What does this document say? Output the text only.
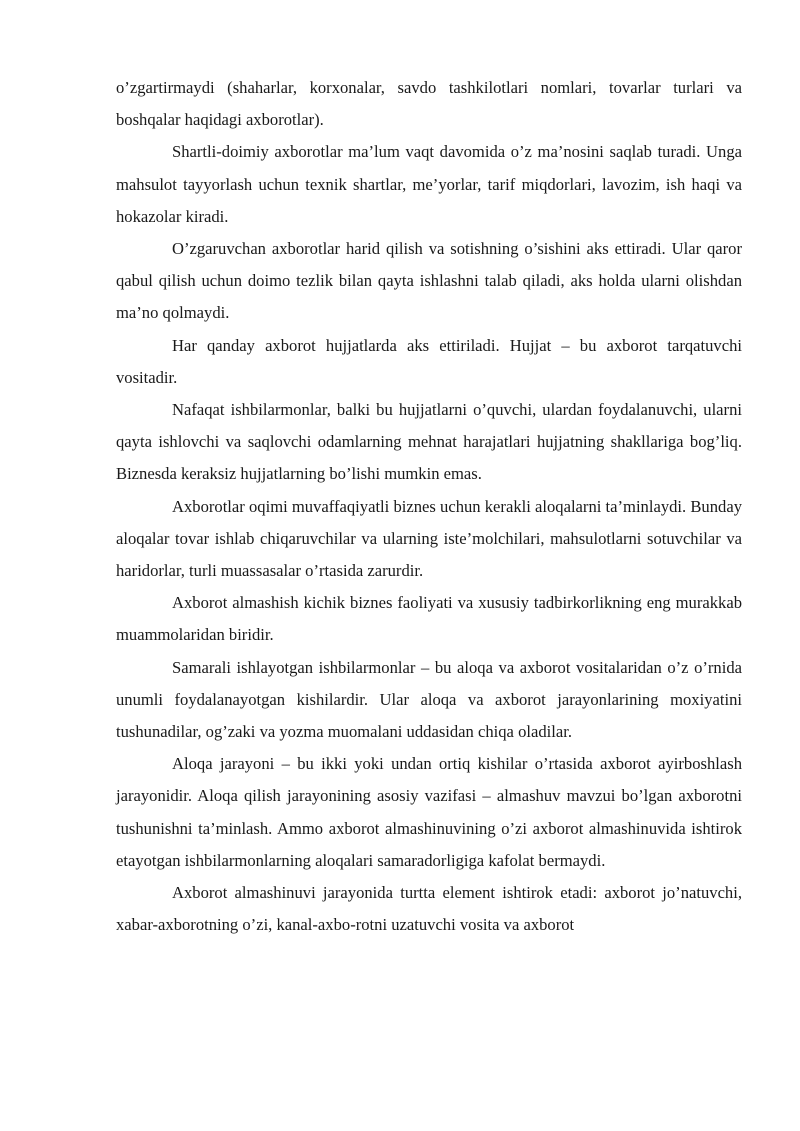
o’zgartirmaydi (shaharlar, korxonalar, savdo tashkilotlari nomlari, tovarlar turlari va boshqalar haqidagi axborotlar).

Shartli-doimiy axborotlar ma’lum vaqt davomida o’z ma’nosini saqlab turadi. Unga mahsulot tayyorlash uchun texnik shartlar, me’yorlar, tarif miqdorlari, lavozim, ish haqi va hokazolar kiradi.

O’zgaruvchan axborotlar harid qilish va sotishning o’sishini aks ettiradi. Ular qaror qabul qilish uchun doimo tezlik bilan qayta ishlashni talab qiladi, aks holda ularni olishdan ma’no qolmaydi.

Har qanday axborot hujjatlarda aks ettiriladi. Hujjat – bu axborot tarqatuvchi vositadir.

Nafaqat ishbilarmonlar, balki bu hujjatlarni o’quvchi, ulardan foydalanuvchi, ularni qayta ishlovchi va saqlovchi odamlarning mehnat harajatlari hujjatning shakllariga bog’liq. Biznesda keraksiz hujjatlarning bo’lishi mumkin emas.

Axborotlar oqimi muvaffaqiyatli biznes uchun kerakli aloqalarni ta’minlaydi. Bunday aloqalar tovar ishlab chiqaruvchilar va ularning iste’molchilari, mahsulotlarni sotuvchilar va haridorlar, turli muassasalar o’rtasida zarurdir.

Axborot almashish kichik biznes faoliyati va xususiy tadbirkorlikning eng murakkab muammolaridan biridir.

Samarali ishlayotgan ishbilarmonlar – bu aloqa va axborot vositalaridan o’z o’rnida unumli foydalanayotgan kishilardir. Ular aloqa va axborot jarayonlarining moxiyatini tushunadilar, og’zaki va yozma muomalani uddasidan chiqa oladilar.

Aloqa jarayoni – bu ikki yoki undan ortiq kishilar o’rtasida axborot ayirboshlash jarayonidir. Aloqa qilish jarayonining asosiy vazifasi – almashuv mavzui bo’lgan axborotni tushunishni ta’minlash. Ammo axborot almashinuvining o’zi axborot almashinuvida ishtirok etayotgan ishbilarmonlarning aloqalari samaradorligiga kafolat bermaydi.

Axborot almashinuvi jarayonida turtta element ishtirok etadi: axborot jo’natuvchi, xabar-axborotning o’zi, kanal-axbo-rotni uzatuvchi vosita va axborot
